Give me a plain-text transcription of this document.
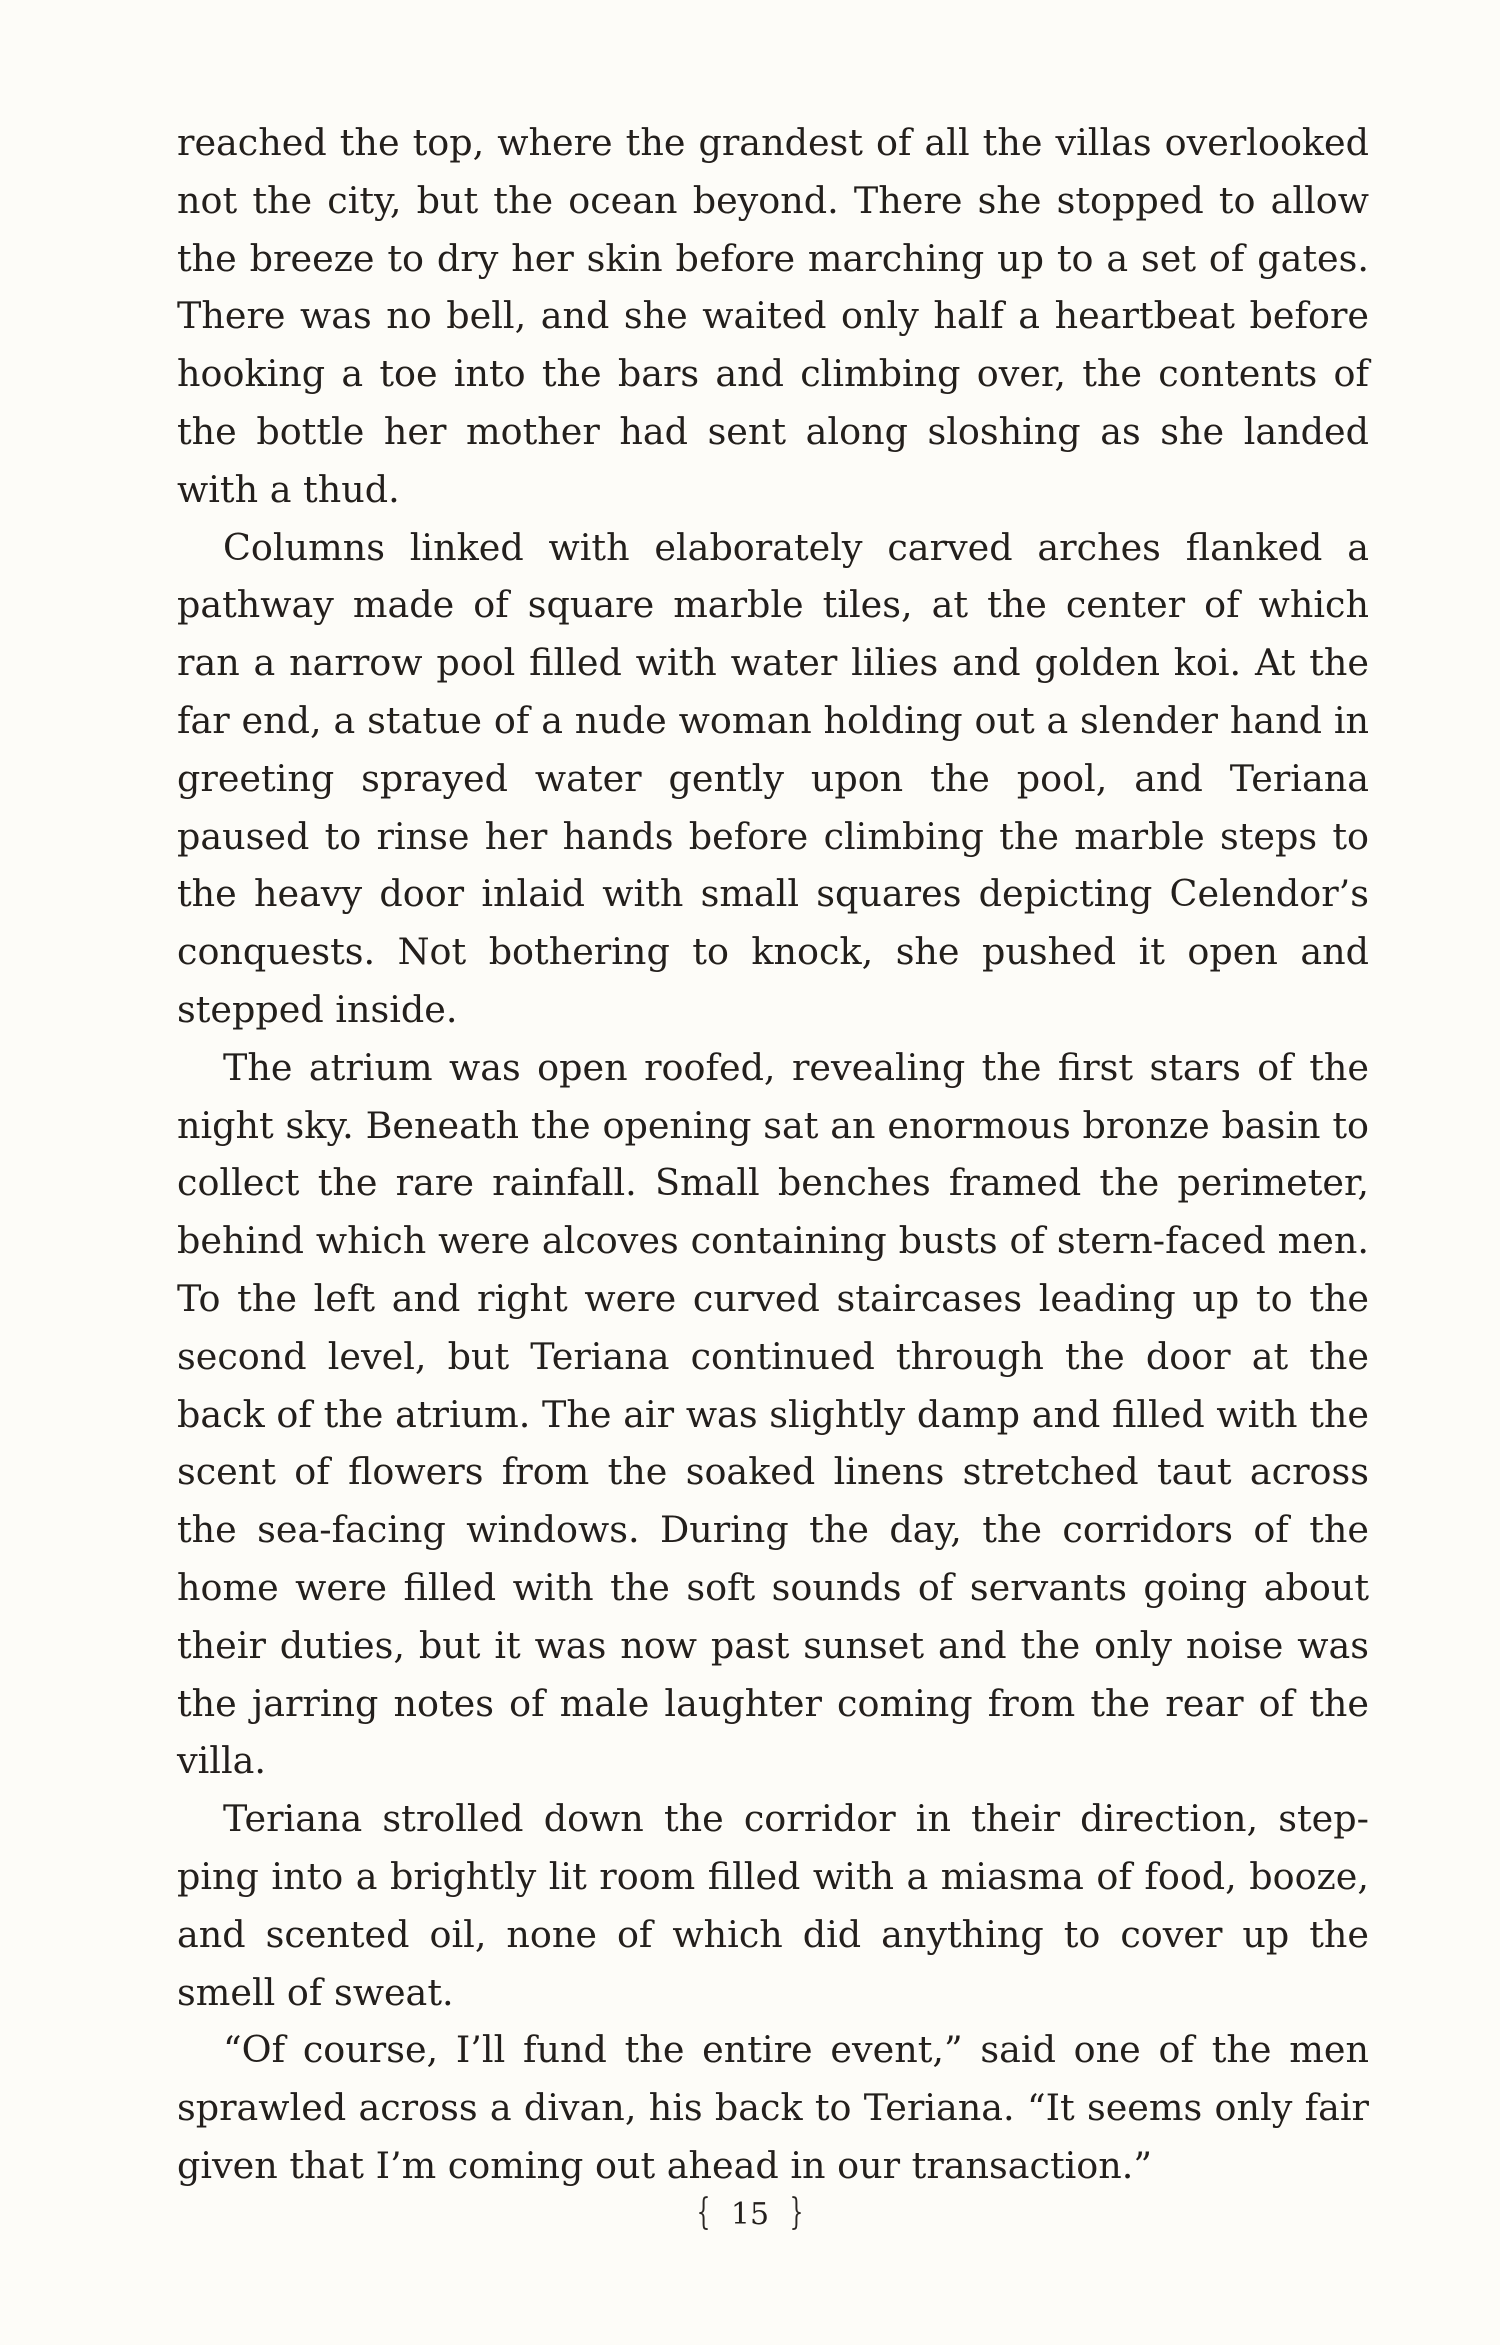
reached the top, where the grandest of all the villas overlooked not the city, but the ocean beyond. There she stopped to allow the breeze to dry her skin before marching up to a set of gates. There was no bell, and she waited only half a heartbeat before hooking a toe into the bars and climbing over, the contents of the bottle her mother had sent along sloshing as she landed with a thud.

Columns linked with elaborately carved arches flanked a pathway made of square marble tiles, at the center of which ran a narrow pool filled with water lilies and golden koi. At the far end, a statue of a nude woman holding out a slender hand in greeting sprayed water gently upon the pool, and Teriana paused to rinse her hands before climbing the marble steps to the heavy door inlaid with small squares depicting Celendor’s conquests. Not bothering to knock, she pushed it open and stepped inside.

The atrium was open roofed, revealing the first stars of the night sky. Beneath the opening sat an enormous bronze basin to collect the rare rainfall. Small benches framed the perimeter, behind which were alcoves containing busts of stern-faced men. To the left and right were curved staircases leading up to the second level, but Teriana continued through the door at the back of the atrium. The air was slightly damp and filled with the scent of flowers from the soaked linens stretched taut across the sea-facing windows. During the day, the corridors of the home were filled with the soft sounds of servants going about their duties, but it was now past sunset and the only noise was the jarring notes of male laughter coming from the rear of the villa.

Teriana strolled down the corridor in their direction, stepping into a brightly lit room filled with a miasma of food, booze, and scented oil, none of which did anything to cover up the smell of sweat.

“Of course, I’ll fund the entire event,” said one of the men sprawled across a divan, his back to Teriana. “It seems only fair given that I’m coming out ahead in our transaction.”

{ 15 }
